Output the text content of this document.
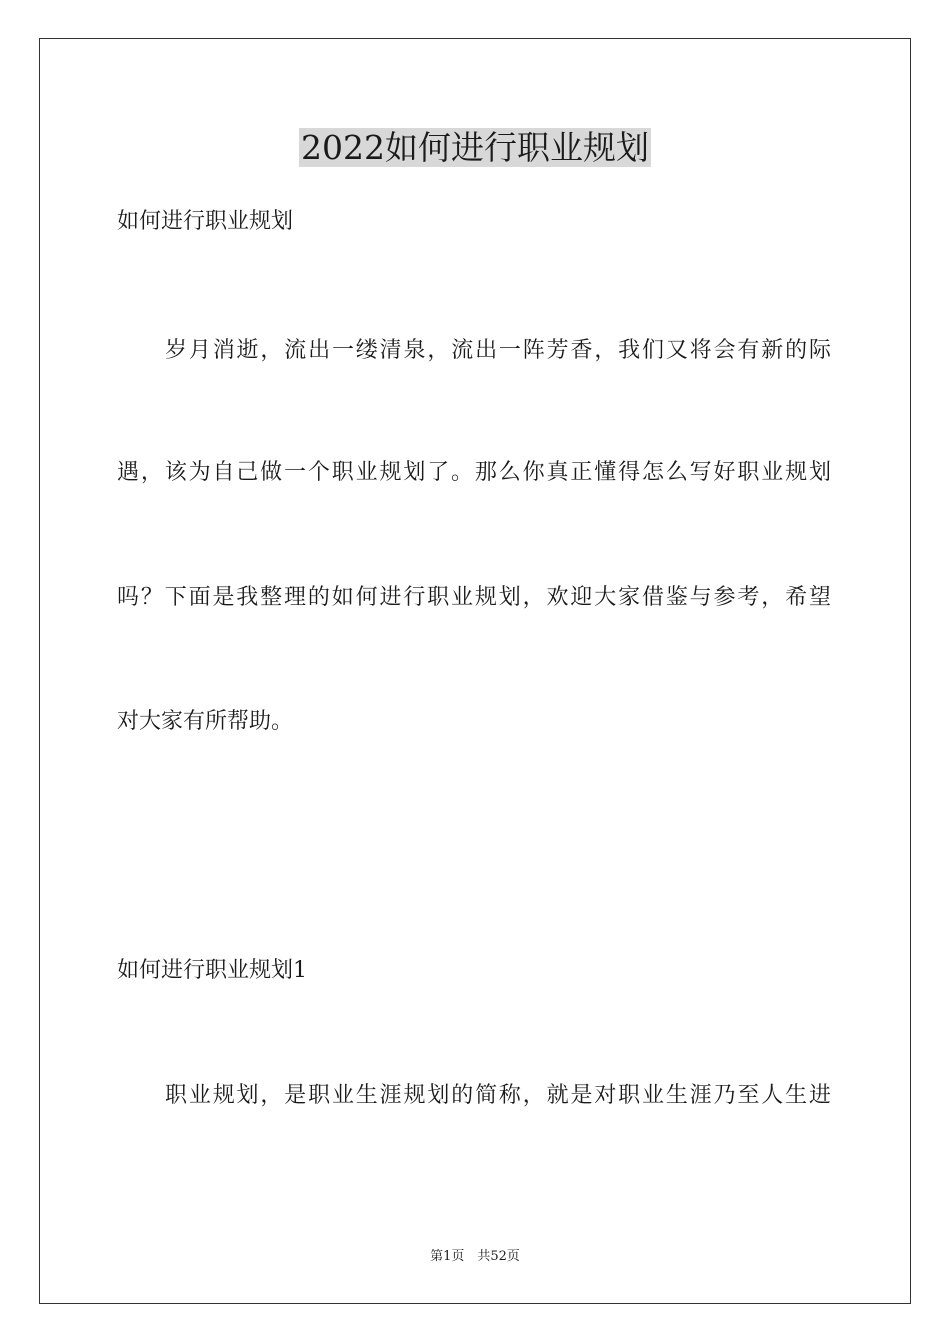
2022如何进行职业规划

如何进行职业规划

岁月消逝，流出一缕清泉，流出一阵芳香，我们又将会有新的际

遇，该为自己做一个职业规划了。那么你真正懂得怎么写好职业规划

吗？下面是我整理的如何进行职业规划，欢迎大家借鉴与参考，希望

对大家有所帮助。

如何进行职业规划1

职业规划，是职业生涯规划的简称，就是对职业生涯乃至人生进

第1页　共52页
